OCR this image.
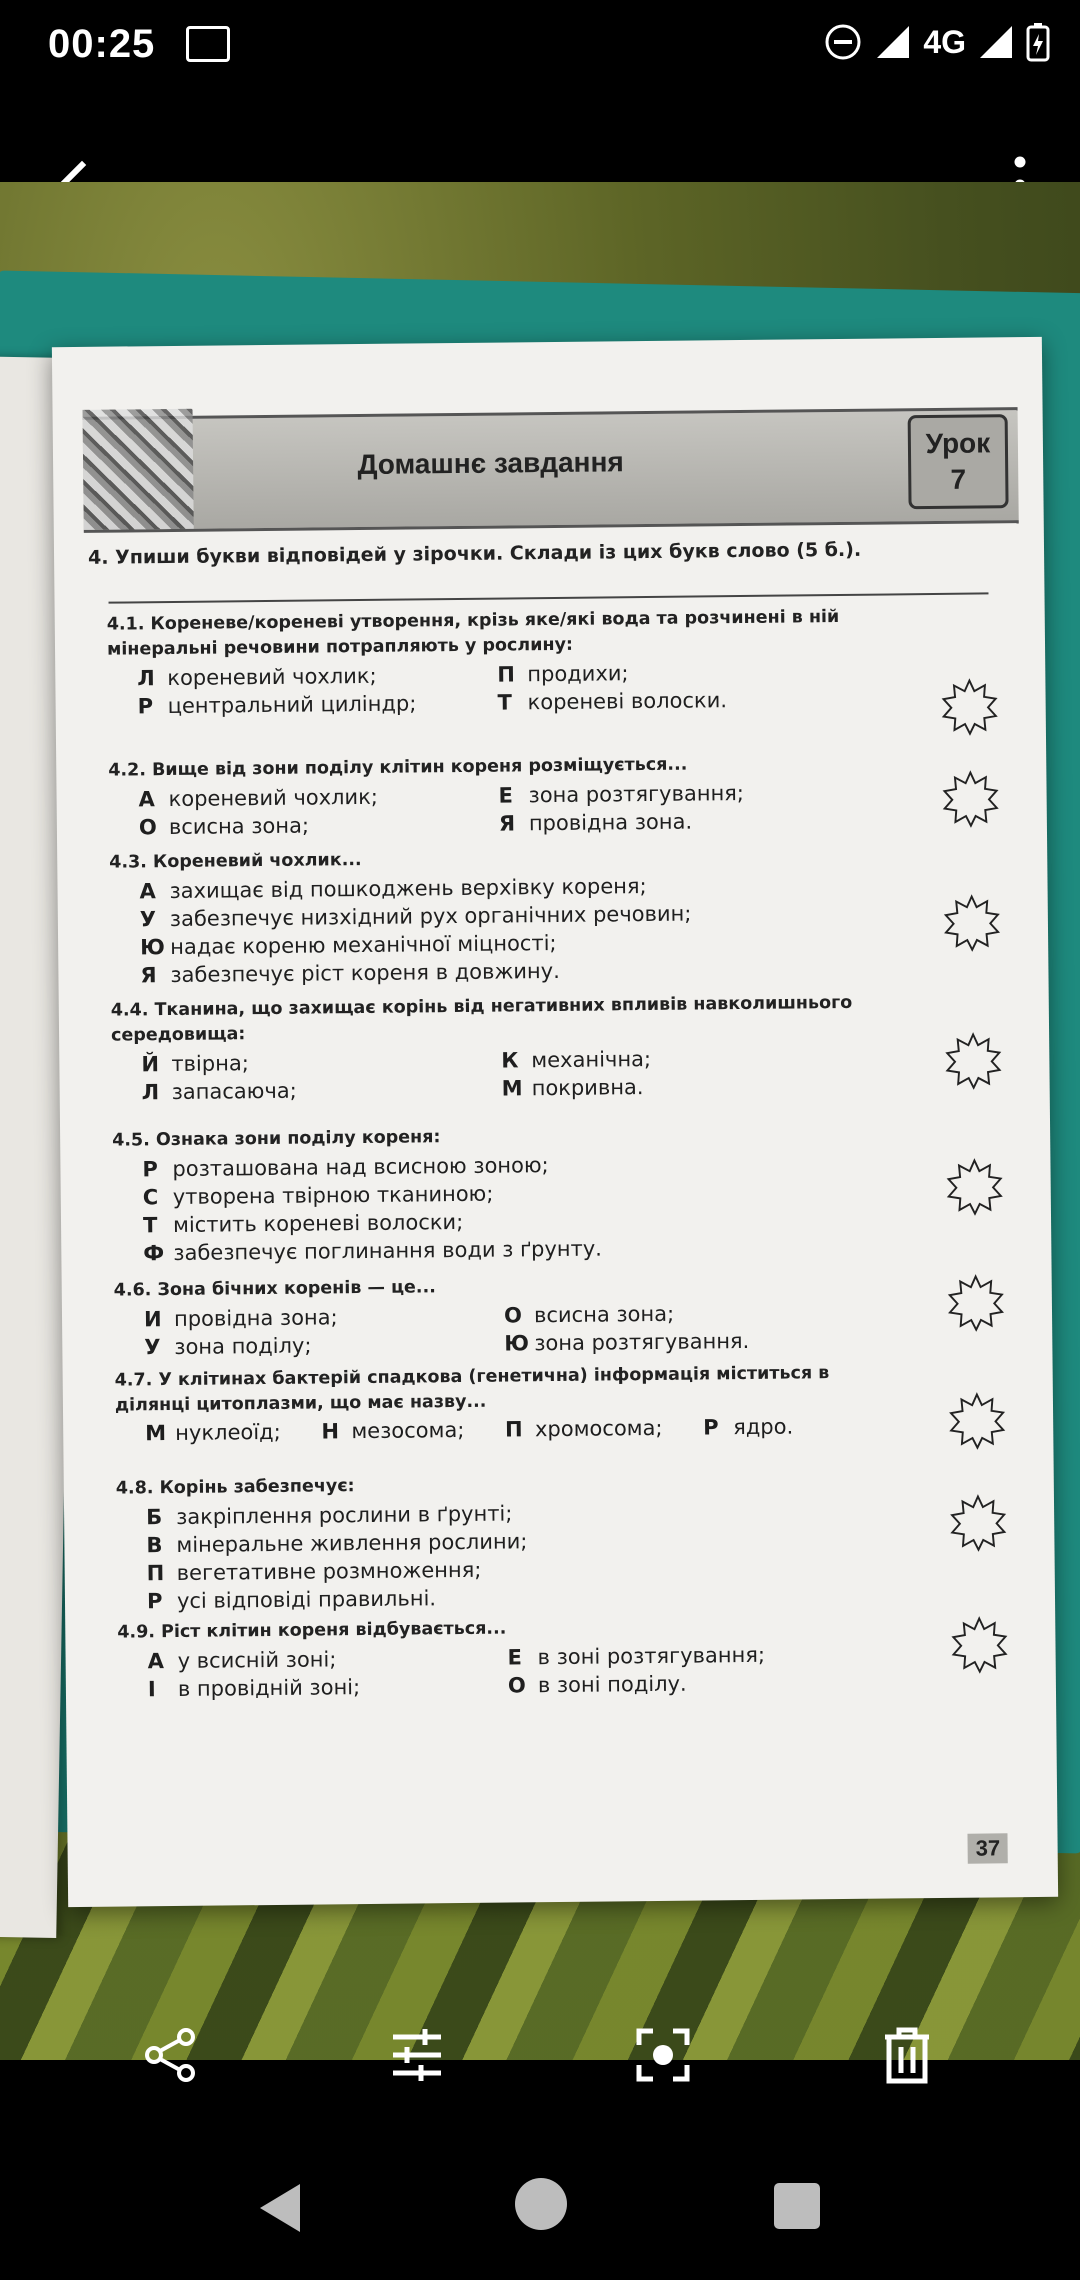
00:25	4G
Домашнє завдання
Урок
7
4. Упиши букви відповідей у зірочки. Склади із цих букв слово (5 б.).
4.1. Кореневе/кореневі утворення, крізь яке/які вода та розчинені в ній мінеральні речовини потрапляють у рослину:
Л кореневий чохлик;	П продихи;
Р центральний циліндр;	Т кореневі волоски.
4.2. Вище від зони поділу клітин кореня розміщується...
А кореневий чохлик;	Е зона розтягування;
О всисна зона;	Я провідна зона.
4.3. Кореневий чохлик...
А захищає від пошкоджень верхівку кореня;
У забезпечує низхідний рух органічних речовин;
Ю надає кореню механічної міцності;
Я забезпечує ріст кореня в довжину.
4.4. Тканина, що захищає корінь від негативних впливів навколишнього середовища:
Й твірна;	К механічна;
Л запасаюча;	М покривна.
4.5. Ознака зони поділу кореня:
Р розташована над всисною зоною;
С утворена твірною тканиною;
Т містить кореневі волоски;
Ф забезпечує поглинання води з ґрунту.
4.6. Зона бічних коренів — це...
И провідна зона;	О всисна зона;
У зона поділу;	Ю зона розтягування.
4.7. У клітинах бактерій спадкова (генетична) інформація міститься в ділянці цитоплазми, що має назву...
М нуклеоїд; Н мезосома; П хромосома; Р ядро.
4.8. Корінь забезпечує:
Б закріплення рослини в ґрунті;
В мінеральне живлення рослини;
П вегетативне розмноження;
Р усі відповіді правильні.
4.9. Ріст клітин кореня відбувається...
А у всисній зоні;	Е в зоні розтягування;
І в провідній зоні;	О в зоні поділу.
37
